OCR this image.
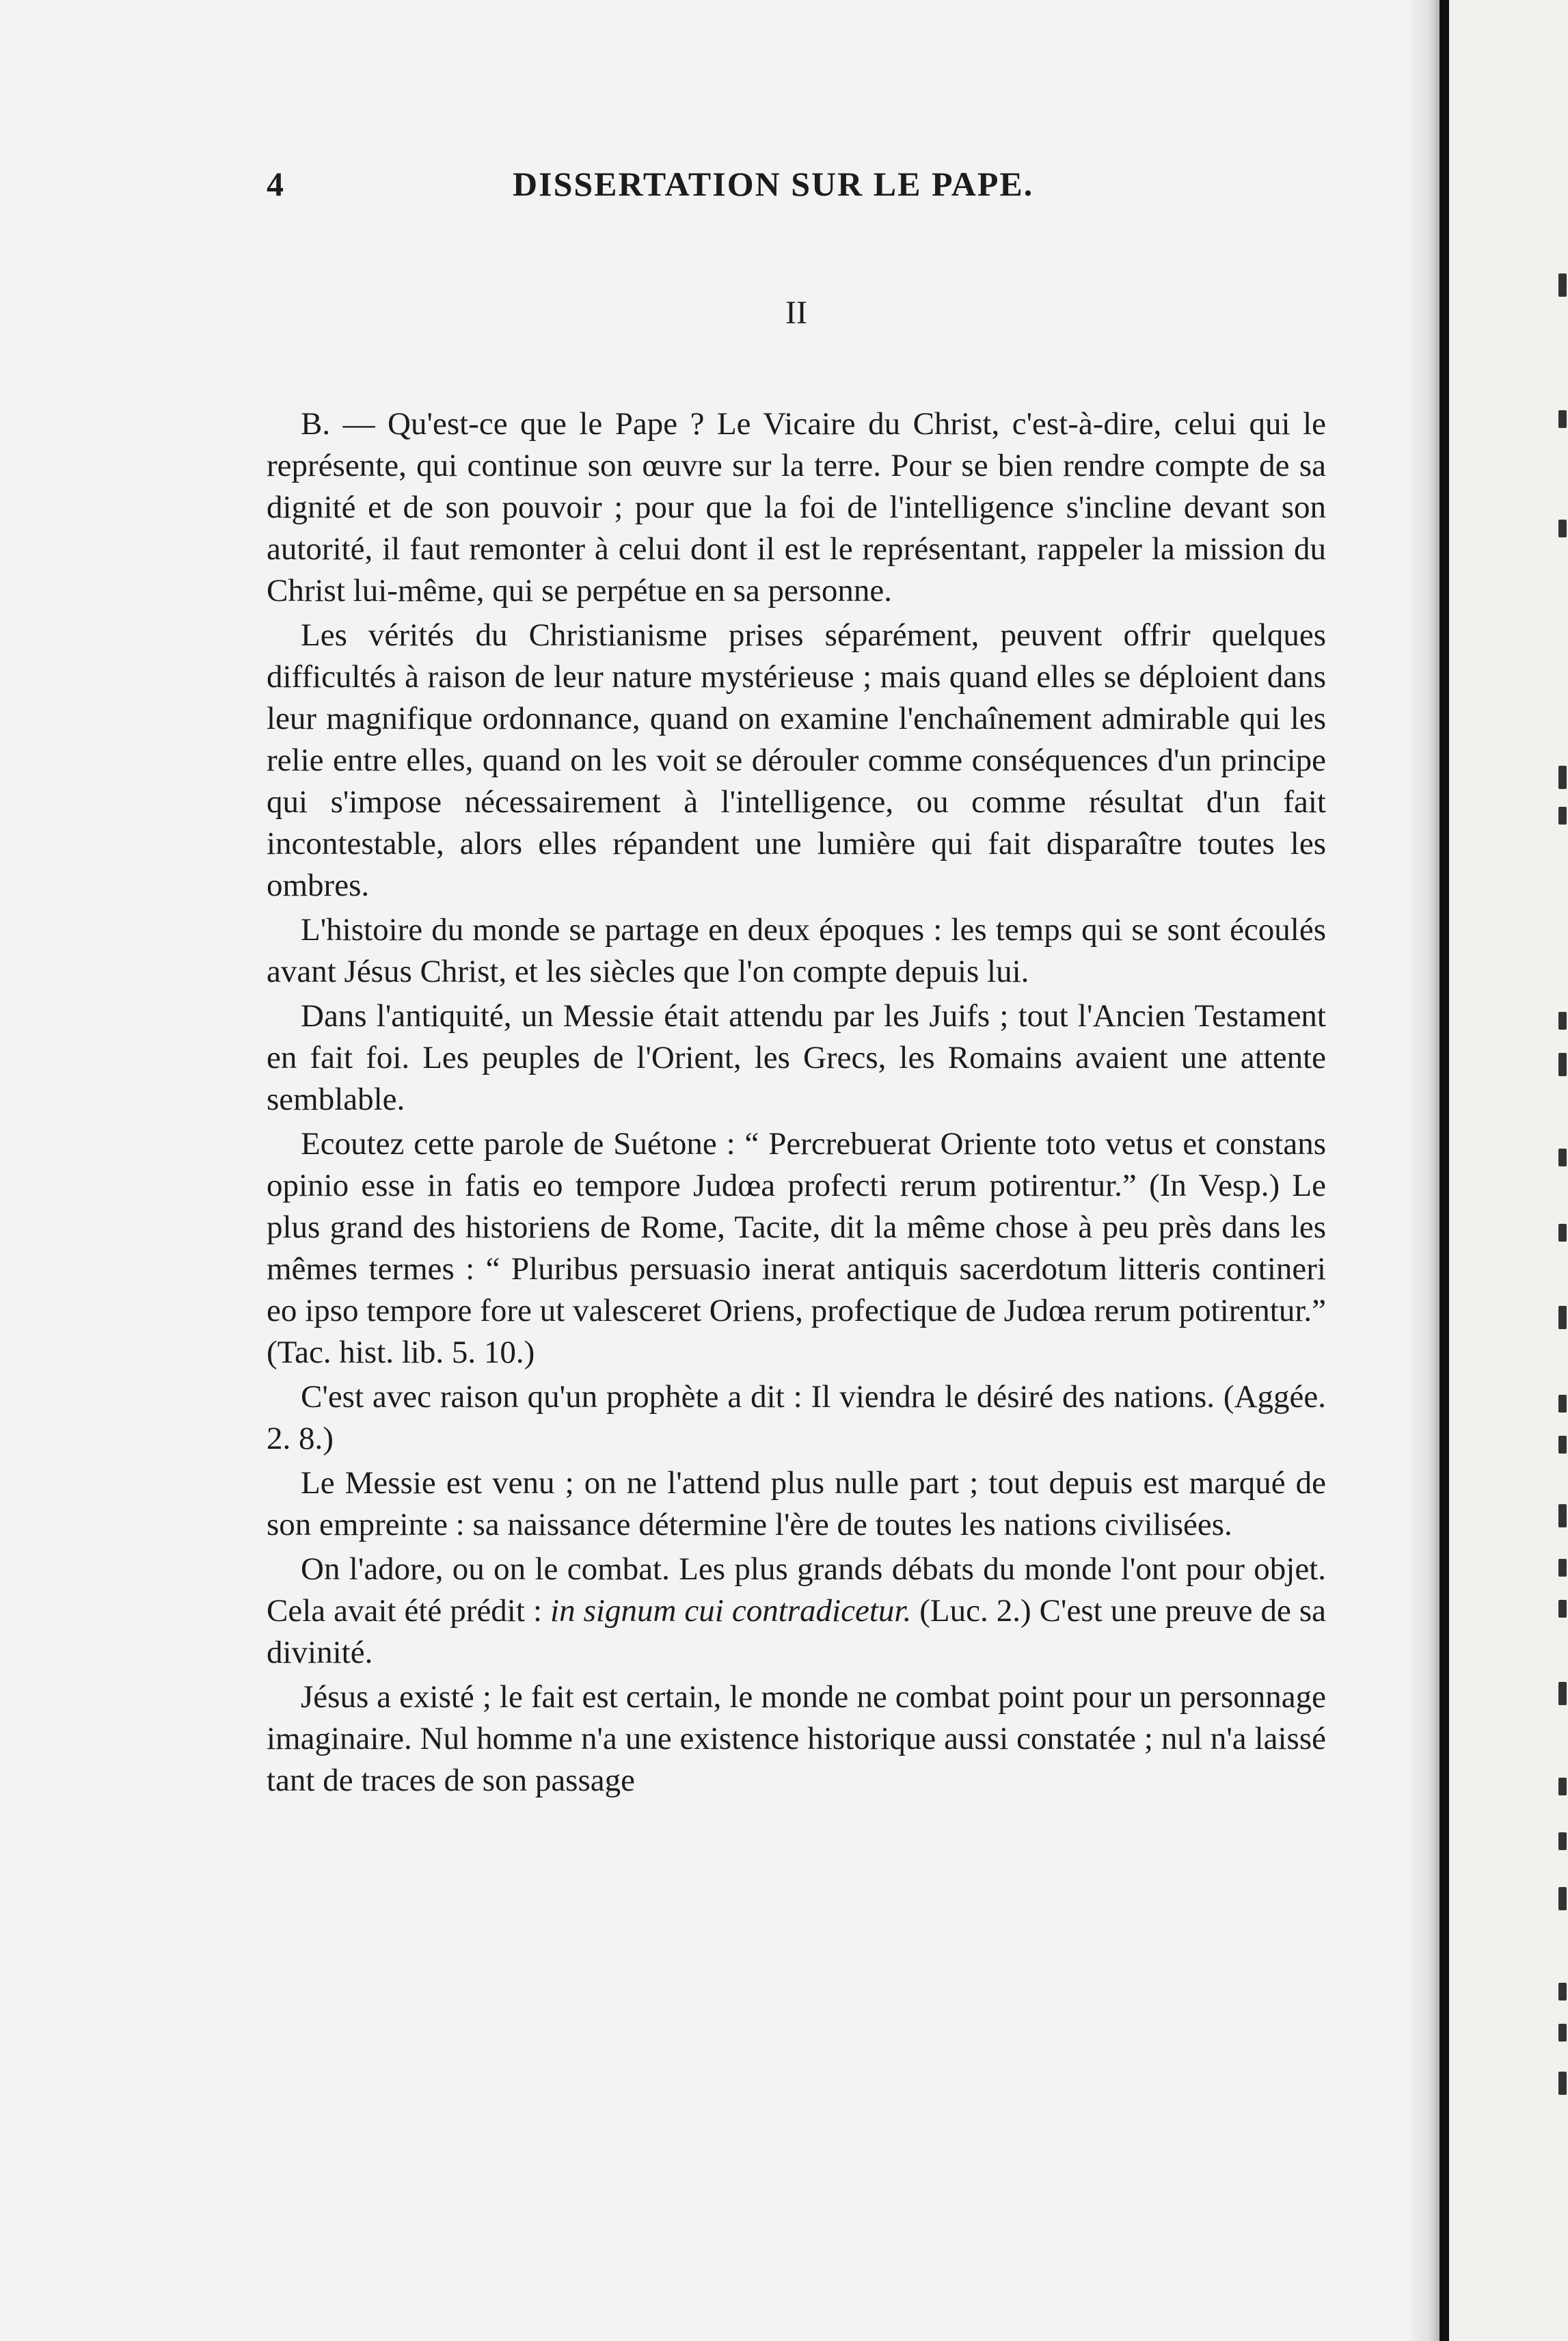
4	DISSERTATION SUR LE PAPE.
II

B. — Qu'est-ce que le Pape ? Le Vicaire du Christ, c'est-à-dire, celui qui le représente, qui continue son œuvre sur la terre. Pour se bien rendre compte de sa dignité et de son pouvoir ; pour que la foi de l'intelligence s'incline devant son autorité, il faut remonter à celui dont il est le représentant, rappeler la mission du Christ lui-même, qui se perpétue en sa personne.

Les vérités du Christianisme prises séparément, peuvent offrir quelques difficultés à raison de leur nature mystérieuse ; mais quand elles se déploient dans leur magnifique ordonnance, quand on examine l'enchaînement admirable qui les relie entre elles, quand on les voit se dérouler comme conséquences d'un principe qui s'impose nécessairement à l'intelligence, ou comme résultat d'un fait incontestable, alors elles répandent une lumière qui fait disparaître toutes les ombres.

L'histoire du monde se partage en deux époques : les temps qui se sont écoulés avant Jésus Christ, et les siècles que l'on compte depuis lui.

Dans l'antiquité, un Messie était attendu par les Juifs ; tout l'Ancien Testament en fait foi. Les peuples de l'Orient, les Grecs, les Romains avaient une attente semblable.

Ecoutez cette parole de Suétone : “ Percrebuerat Oriente toto vetus et constans opinio esse in fatis eo tempore Judœa profecti rerum potirentur.” (In Vesp.) Le plus grand des historiens de Rome, Tacite, dit la même chose à peu près dans les mêmes termes : “ Pluribus persuasio inerat antiquis sacerdotum litteris contineri eo ipso tempore fore ut valesceret Oriens, profectique de Judœa rerum potirentur.” (Tac. hist. lib. 5. 10.)

C'est avec raison qu'un prophète a dit : Il viendra le désiré des nations. (Aggée. 2. 8.)

Le Messie est venu ; on ne l'attend plus nulle part ; tout depuis est marqué de son empreinte : sa naissance détermine l'ère de toutes les nations civilisées.

On l'adore, ou on le combat. Les plus grands débats du monde l'ont pour objet. Cela avait été prédit : in signum cui contradicetur. (Luc. 2.) C'est une preuve de sa divinité.

Jésus a existé ; le fait est certain, le monde ne combat point pour un personnage imaginaire. Nul homme n'a une existence historique aussi constatée ; nul n'a laissé tant de traces de son passage
